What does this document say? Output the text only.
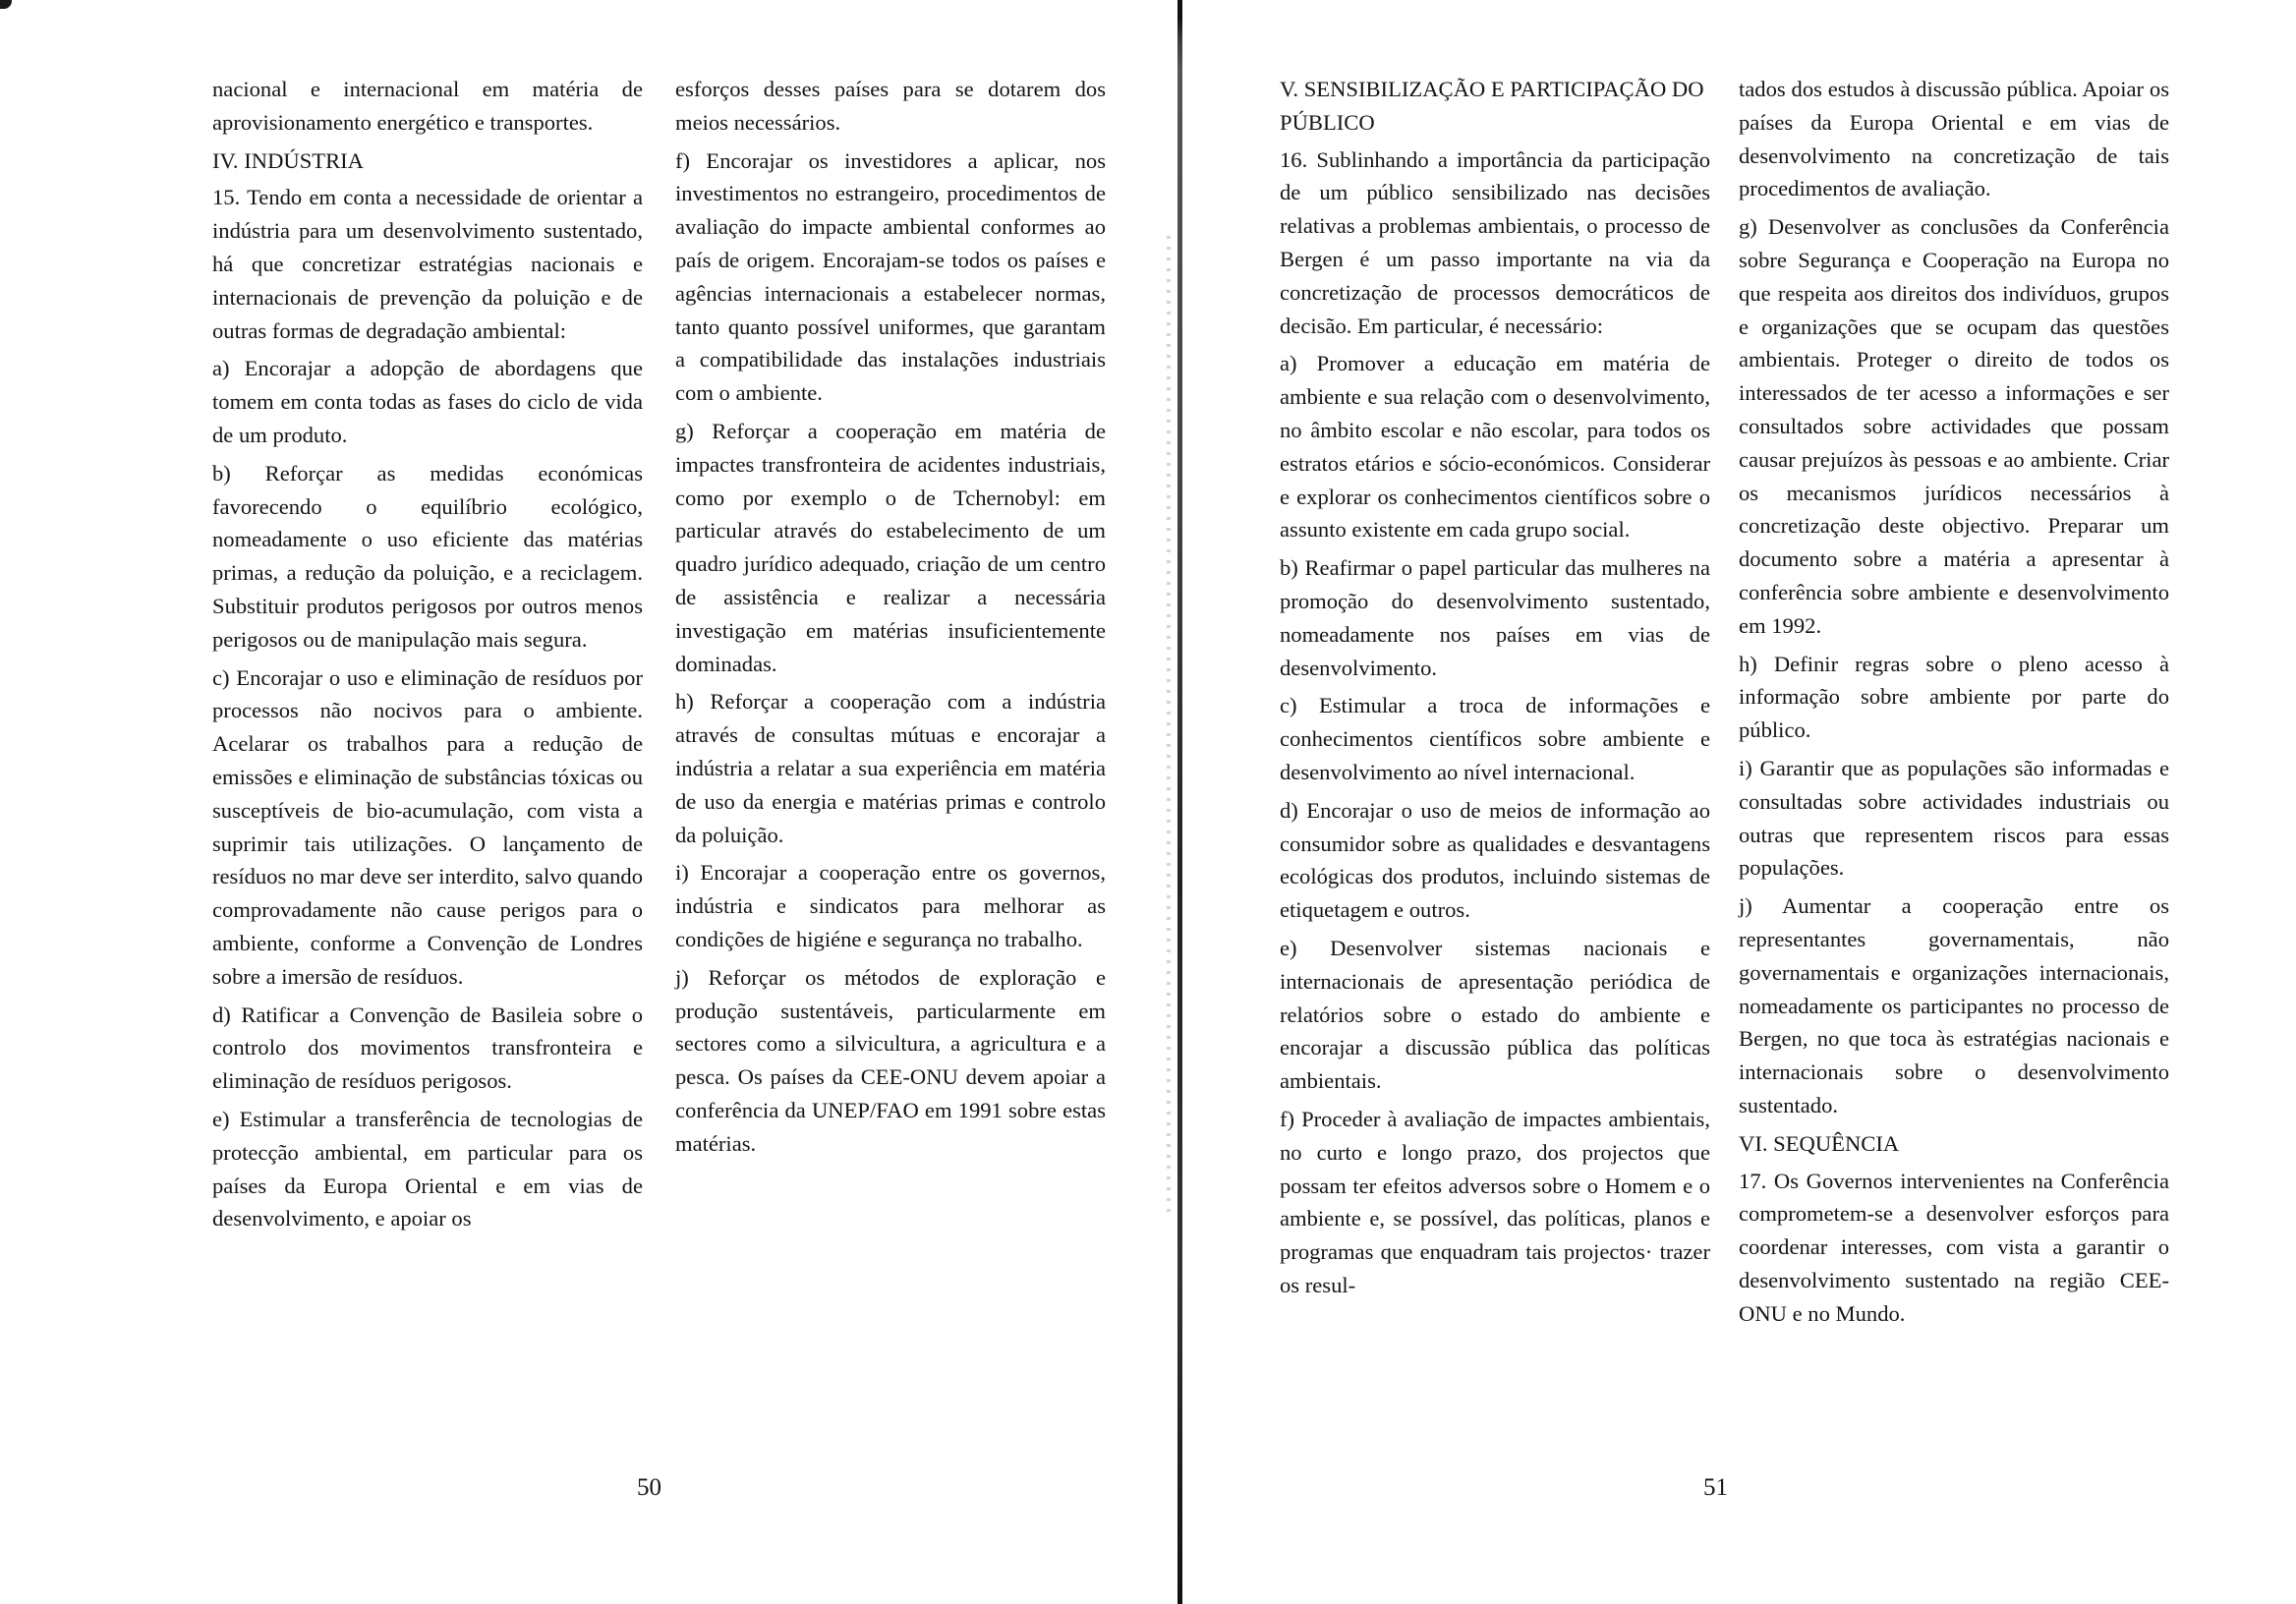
nacional e internacional em matéria de aprovisionamento energético e transportes.

IV. INDÚSTRIA

15. Tendo em conta a necessidade de orientar a indústria para um desenvolvimento sustentado, há que concretizar estratégias nacionais e internacionais de prevenção da poluição e de outras formas de degradação ambiental:

a) Encorajar a adopção de abordagens que tomem em conta todas as fases do ciclo de vida de um produto.

b) Reforçar as medidas económicas favorecendo o equilíbrio ecológico, nomeadamente o uso eficiente das matérias primas, a redução da poluição, e a reciclagem. Substituir produtos perigosos por outros menos perigosos ou de manipulação mais segura.

c) Encorajar o uso e eliminação de resíduos por processos não nocivos para o ambiente. Acelarar os trabalhos para a redução de emissões e eliminação de substâncias tóxicas ou susceptíveis de bio-acumulação, com vista a suprimir tais utilizações. O lançamento de resíduos no mar deve ser interdito, salvo quando comprovadamente não cause perigos para o ambiente, conforme a Convenção de Londres sobre a imersão de resíduos.

d) Ratificar a Convenção de Basileia sobre o controlo dos movimentos transfronteira e eliminação de resíduos perigosos.

e) Estimular a transferência de tecnologias de protecção ambiental, em particular para os países da Europa Oriental e em vias de desenvolvimento, e apoiar os

esforços desses países para se dotarem dos meios necessários.

f) Encorajar os investidores a aplicar, nos investimentos no estrangeiro, procedimentos de avaliação do impacte ambiental conformes ao país de origem. Encorajam-se todos os países e agências internacionais a estabelecer normas, tanto quanto possível uniformes, que garantam a compatibilidade das instalações industriais com o ambiente.

g) Reforçar a cooperação em matéria de impactes transfronteira de acidentes industriais, como por exemplo o de Tchernobyl: em particular através do estabelecimento de um quadro jurídico adequado, criação de um centro de assistência e realizar a necessária investigação em matérias insuficientemente dominadas.

h) Reforçar a cooperação com a indústria através de consultas mútuas e encorajar a indústria a relatar a sua experiência em matéria de uso da energia e matérias primas e controlo da poluição.

i) Encorajar a cooperação entre os governos, indústria e sindicatos para melhorar as condições de higiéne e segurança no trabalho.

j) Reforçar os métodos de exploração e produção sustentáveis, particularmente em sectores como a silvicultura, a agricultura e a pesca. Os países da CEE-ONU devem apoiar a conferência da UNEP/FAO em 1991 sobre estas matérias.

50

V. SENSIBILIZAÇÃO E PARTICIPAÇÃO DO PÚBLICO

16. Sublinhando a importância da participação de um público sensibilizado nas decisões relativas a problemas ambientais, o processo de Bergen é um passo importante na via da concretização de processos democráticos de decisão. Em particular, é necessário:

a) Promover a educação em matéria de ambiente e sua relação com o desenvolvimento, no âmbito escolar e não escolar, para todos os estratos etários e sócio-económicos. Considerar e explorar os conhecimentos científicos sobre o assunto existente em cada grupo social.

b) Reafirmar o papel particular das mulheres na promoção do desenvolvimento sustentado, nomeadamente nos países em vias de desenvolvimento.

c) Estimular a troca de informações e conhecimentos científicos sobre ambiente e desenvolvimento ao nível internacional.

d) Encorajar o uso de meios de informação ao consumidor sobre as qualidades e desvantagens ecológicas dos produtos, incluindo sistemas de etiquetagem e outros.

e) Desenvolver sistemas nacionais e internacionais de apresentação periódica de relatórios sobre o estado do ambiente e encorajar a discussão pública das políticas ambientais.

f) Proceder à avaliação de impactes ambientais, no curto e longo prazo, dos projectos que possam ter efeitos adversos sobre o Homem e o ambiente e, se possível, das políticas, planos e programas que enquadram tais projectos· trazer os resul-

tados dos estudos à discussão pública. Apoiar os países da Europa Oriental e em vias de desenvolvimento na concretização de tais procedimentos de avaliação.

g) Desenvolver as conclusões da Conferência sobre Segurança e Cooperação na Europa no que respeita aos direitos dos indivíduos, grupos e organizações que se ocupam das questões ambientais. Proteger o direito de todos os interessados de ter acesso a informações e ser consultados sobre actividades que possam causar prejuízos às pessoas e ao ambiente. Criar os mecanismos jurídicos necessários à concretização deste objectivo. Preparar um documento sobre a matéria a apresentar à conferência sobre ambiente e desenvolvimento em 1992.

h) Definir regras sobre o pleno acesso à informação sobre ambiente por parte do público.

i) Garantir que as populações são informadas e consultadas sobre actividades industriais ou outras que representem riscos para essas populações.

j) Aumentar a cooperação entre os representantes governamentais, não governamentais e organizações internacionais, nomeadamente os participantes no processo de Bergen, no que toca às estratégias nacionais e internacionais sobre o desenvolvimento sustentado.

VI. SEQUÊNCIA

17. Os Governos intervenientes na Conferência comprometem-se a desenvolver esforços para coordenar interesses, com vista a garantir o desenvolvimento sustentado na região CEE-ONU e no Mundo.

51
